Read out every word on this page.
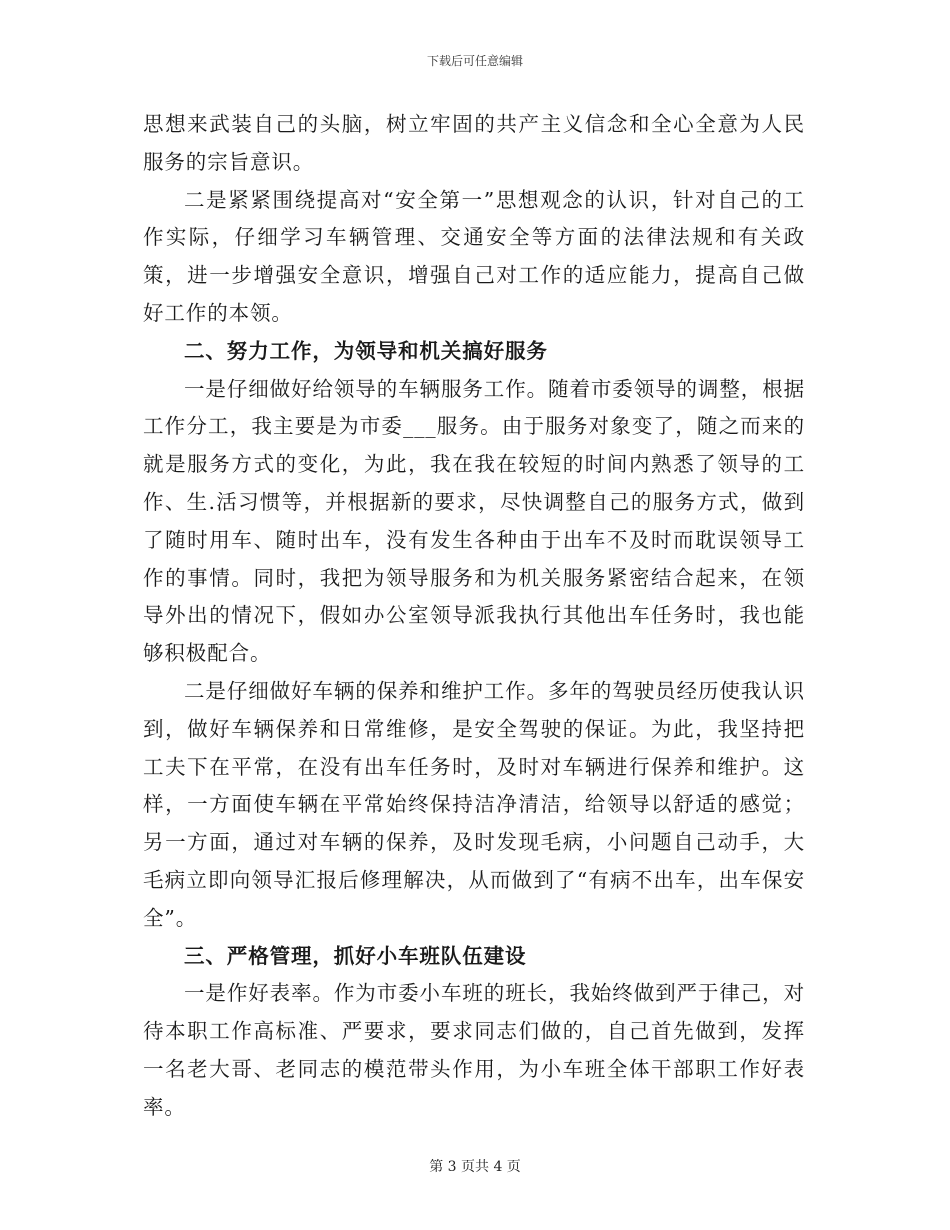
下载后可任意编辑

思想来武装自己的头脑，树立牢固的共产主义信念和全心全意为人民服务的宗旨意识。

二是紧紧围绕提高对“安全第一”思想观念的认识，针对自己的工作实际，仔细学习车辆管理、交通安全等方面的法律法规和有关政策，进一步增强安全意识，增强自己对工作的适应能力，提高自己做好工作的本领。

二、努力工作，为领导和机关搞好服务

一是仔细做好给领导的车辆服务工作。随着市委领导的调整，根据工作分工，我主要是为市委___服务。由于服务对象变了，随之而来的就是服务方式的变化，为此，我在我在较短的时间内熟悉了领导的工作、生.活习惯等，并根据新的要求，尽快调整自己的服务方式，做到了随时用车、随时出车，没有发生各种由于出车不及时而耽误领导工作的事情。同时，我把为领导服务和为机关服务紧密结合起来，在领导外出的情况下，假如办公室领导派我执行其他出车任务时，我也能够积极配合。

二是仔细做好车辆的保养和维护工作。多年的驾驶员经历使我认识到，做好车辆保养和日常维修，是安全驾驶的保证。为此，我坚持把工夫下在平常，在没有出车任务时，及时对车辆进行保养和维护。这样，一方面使车辆在平常始终保持洁净清洁，给领导以舒适的感觉；另一方面，通过对车辆的保养，及时发现毛病，小问题自己动手，大毛病立即向领导汇报后修理解决，从而做到了“有病不出车，出车保安全”。

三、严格管理，抓好小车班队伍建设

一是作好表率。作为市委小车班的班长，我始终做到严于律己，对待本职工作高标准、严要求，要求同志们做的，自己首先做到，发挥一名老大哥、老同志的模范带头作用，为小车班全体干部职工作好表率。

第 3 页共 4 页
